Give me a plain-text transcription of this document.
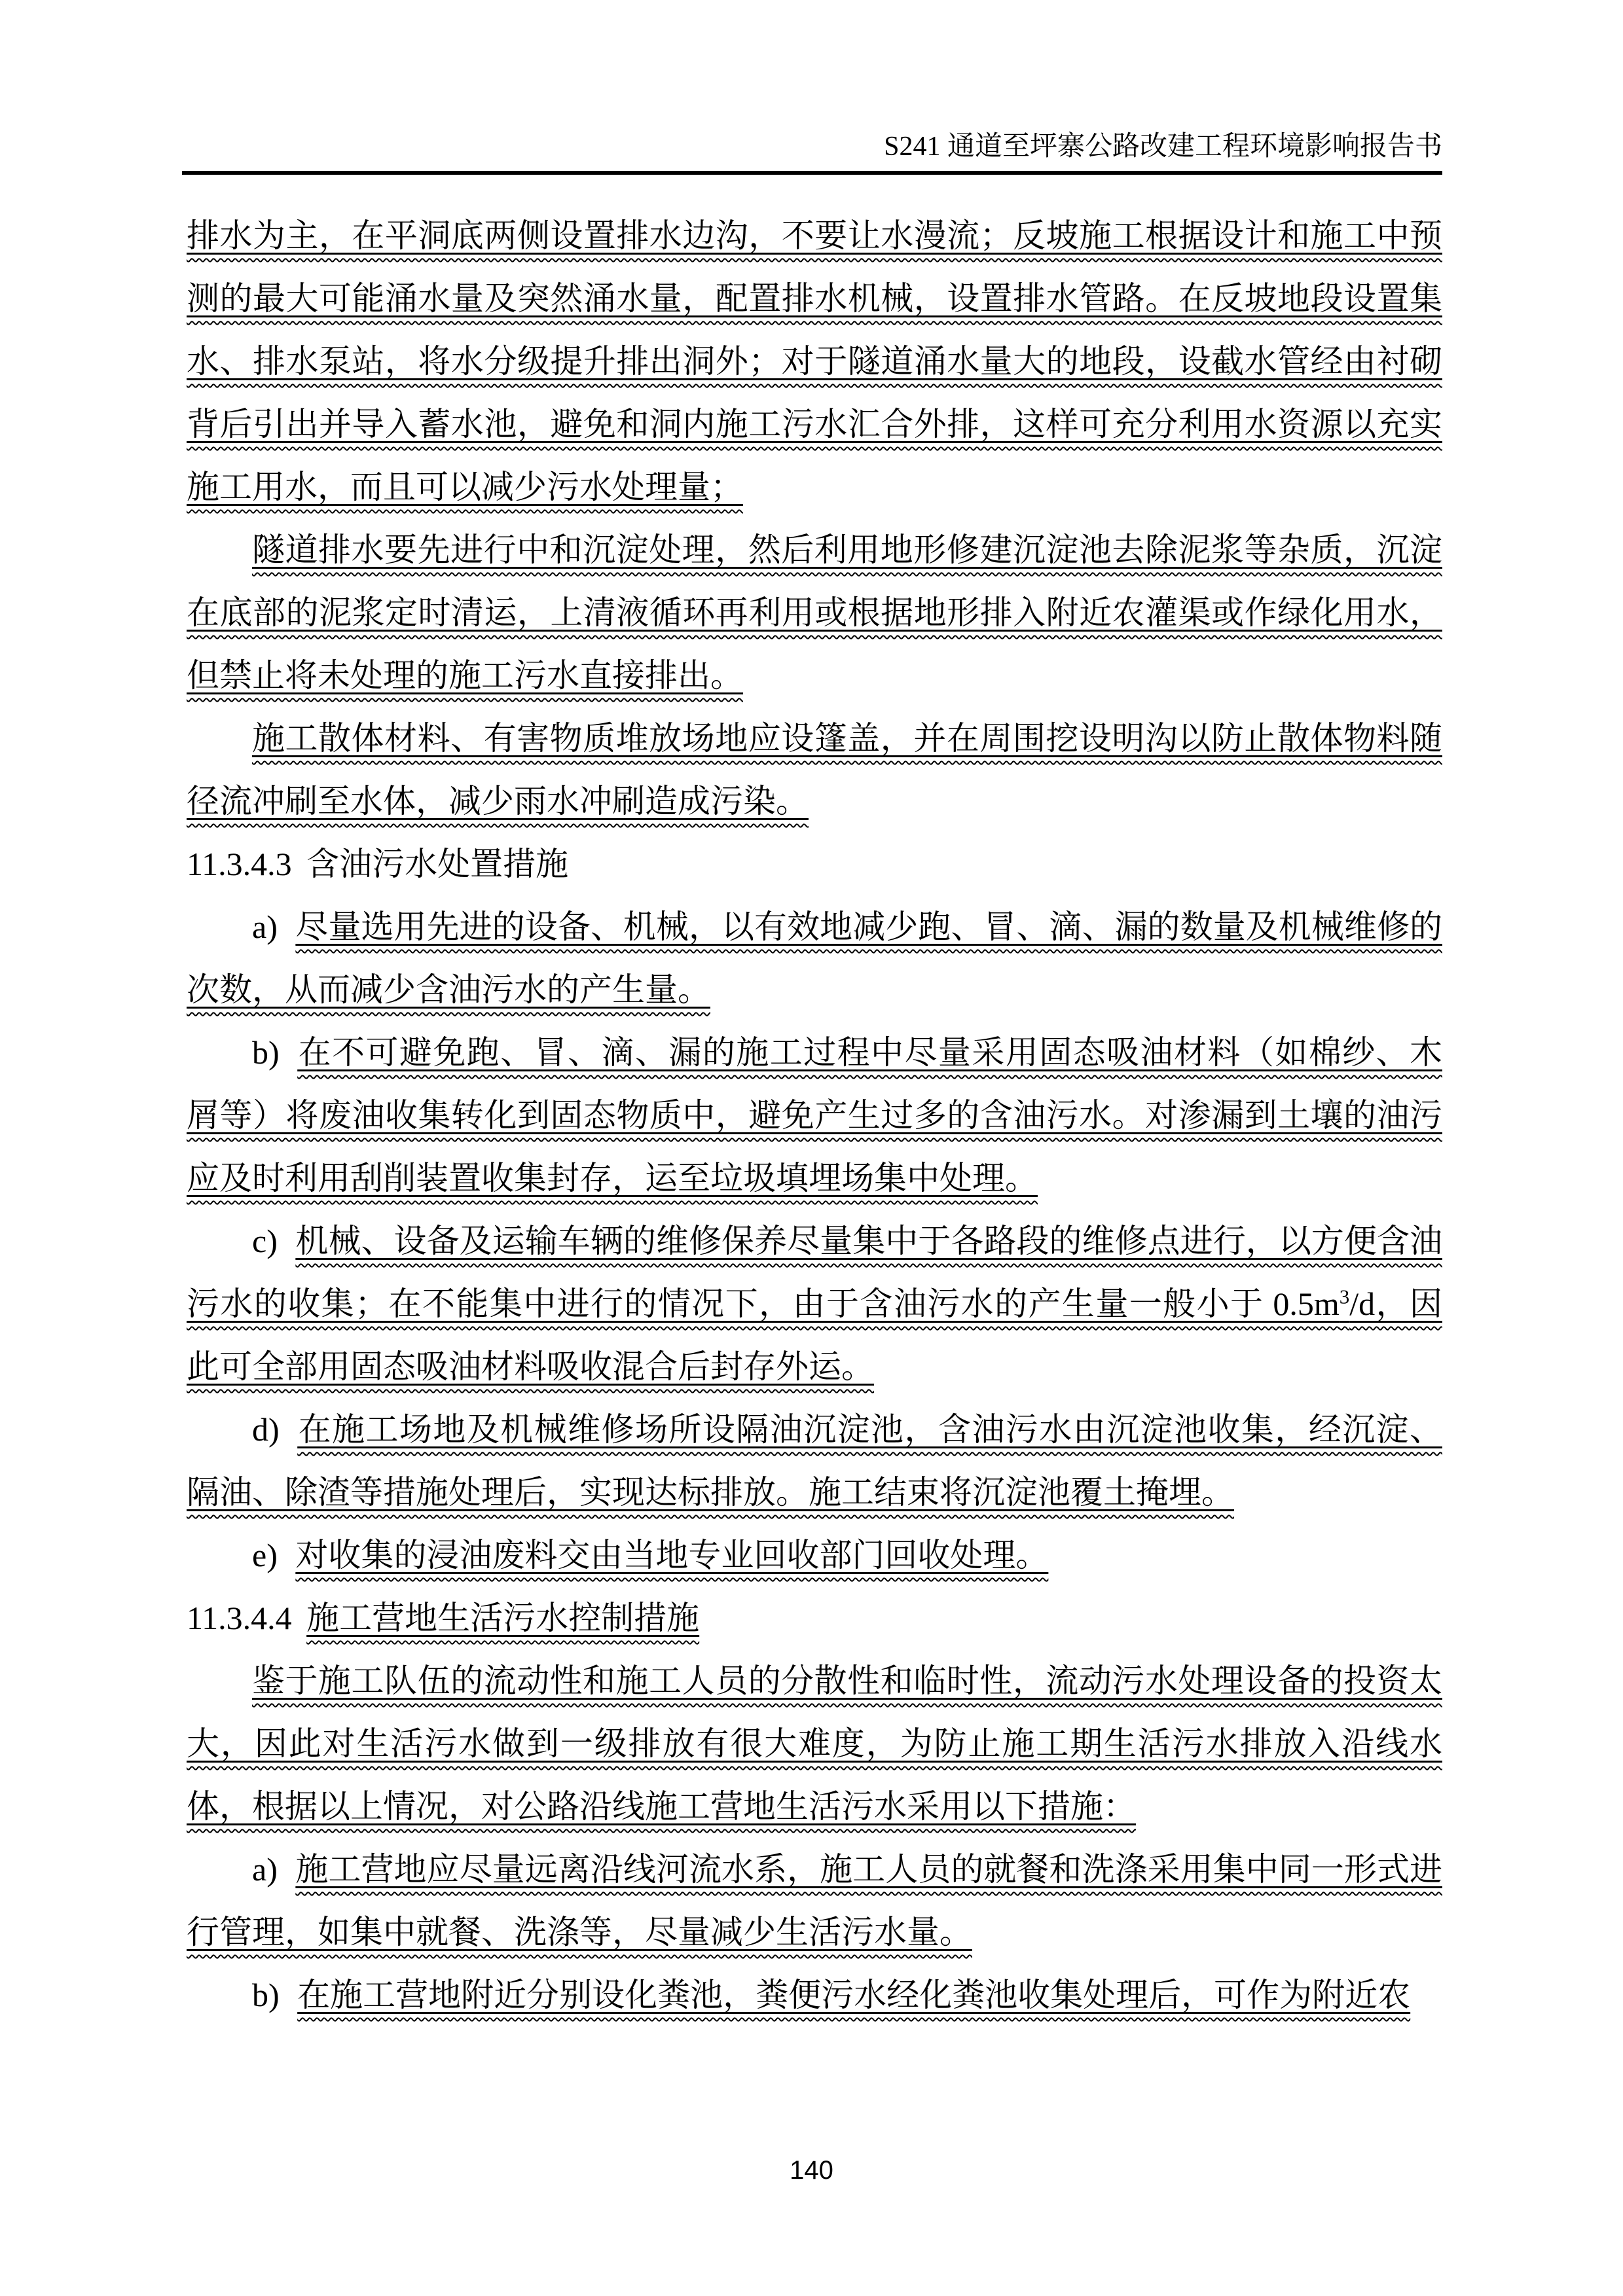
S241 通道至坪寨公路改建工程环境影响报告书

排水为主，在平洞底两侧设置排水边沟，不要让水漫流；反坡施工根据设计和施工中预测的最大可能涌水量及突然涌水量，配置排水机械，设置排水管路。在反坡地段设置集水、排水泵站，将水分级提升排出洞外；对于隧道涌水量大的地段，设截水管经由衬砌背后引出并导入蓄水池，避免和洞内施工污水汇合外排，这样可充分利用水资源以充实施工用水，而且可以减少污水处理量；

隧道排水要先进行中和沉淀处理，然后利用地形修建沉淀池去除泥浆等杂质，沉淀在底部的泥浆定时清运，上清液循环再利用或根据地形排入附近农灌渠或作绿化用水，但禁止将未处理的施工污水直接排出。

施工散体材料、有害物质堆放场地应设篷盖，并在周围挖设明沟以防止散体物料随径流冲刷至水体，减少雨水冲刷造成污染。

11.3.4.3 含油污水处置措施

a) 尽量选用先进的设备、机械，以有效地减少跑、冒、滴、漏的数量及机械维修的次数，从而减少含油污水的产生量。

b) 在不可避免跑、冒、滴、漏的施工过程中尽量采用固态吸油材料（如棉纱、木屑等）将废油收集转化到固态物质中，避免产生过多的含油污水。对渗漏到土壤的油污应及时利用刮削装置收集封存，运至垃圾填埋场集中处理。

c) 机械、设备及运输车辆的维修保养尽量集中于各路段的维修点进行，以方便含油污水的收集；在不能集中进行的情况下，由于含油污水的产生量一般小于 $0.5m^3/d$，因此可全部用固态吸油材料吸收混合后封存外运。

d) 在施工场地及机械维修场所设隔油沉淀池，含油污水由沉淀池收集，经沉淀、隔油、除渣等措施处理后，实现达标排放。施工结束将沉淀池覆土掩埋。

e) 对收集的浸油废料交由当地专业回收部门回收处理。

11.3.4.4 施工营地生活污水控制措施

鉴于施工队伍的流动性和施工人员的分散性和临时性，流动污水处理设备的投资太大，因此对生活污水做到一级排放有很大难度，为防止施工期生活污水排放入沿线水体，根据以上情况，对公路沿线施工营地生活污水采用以下措施：

a) 施工营地应尽量远离沿线河流水系，施工人员的就餐和洗涤采用集中同一形式进行管理，如集中就餐、洗涤等，尽量减少生活污水量。

b) 在施工营地附近分别设化粪池，粪便污水经化粪池收集处理后，可作为附近农

140
